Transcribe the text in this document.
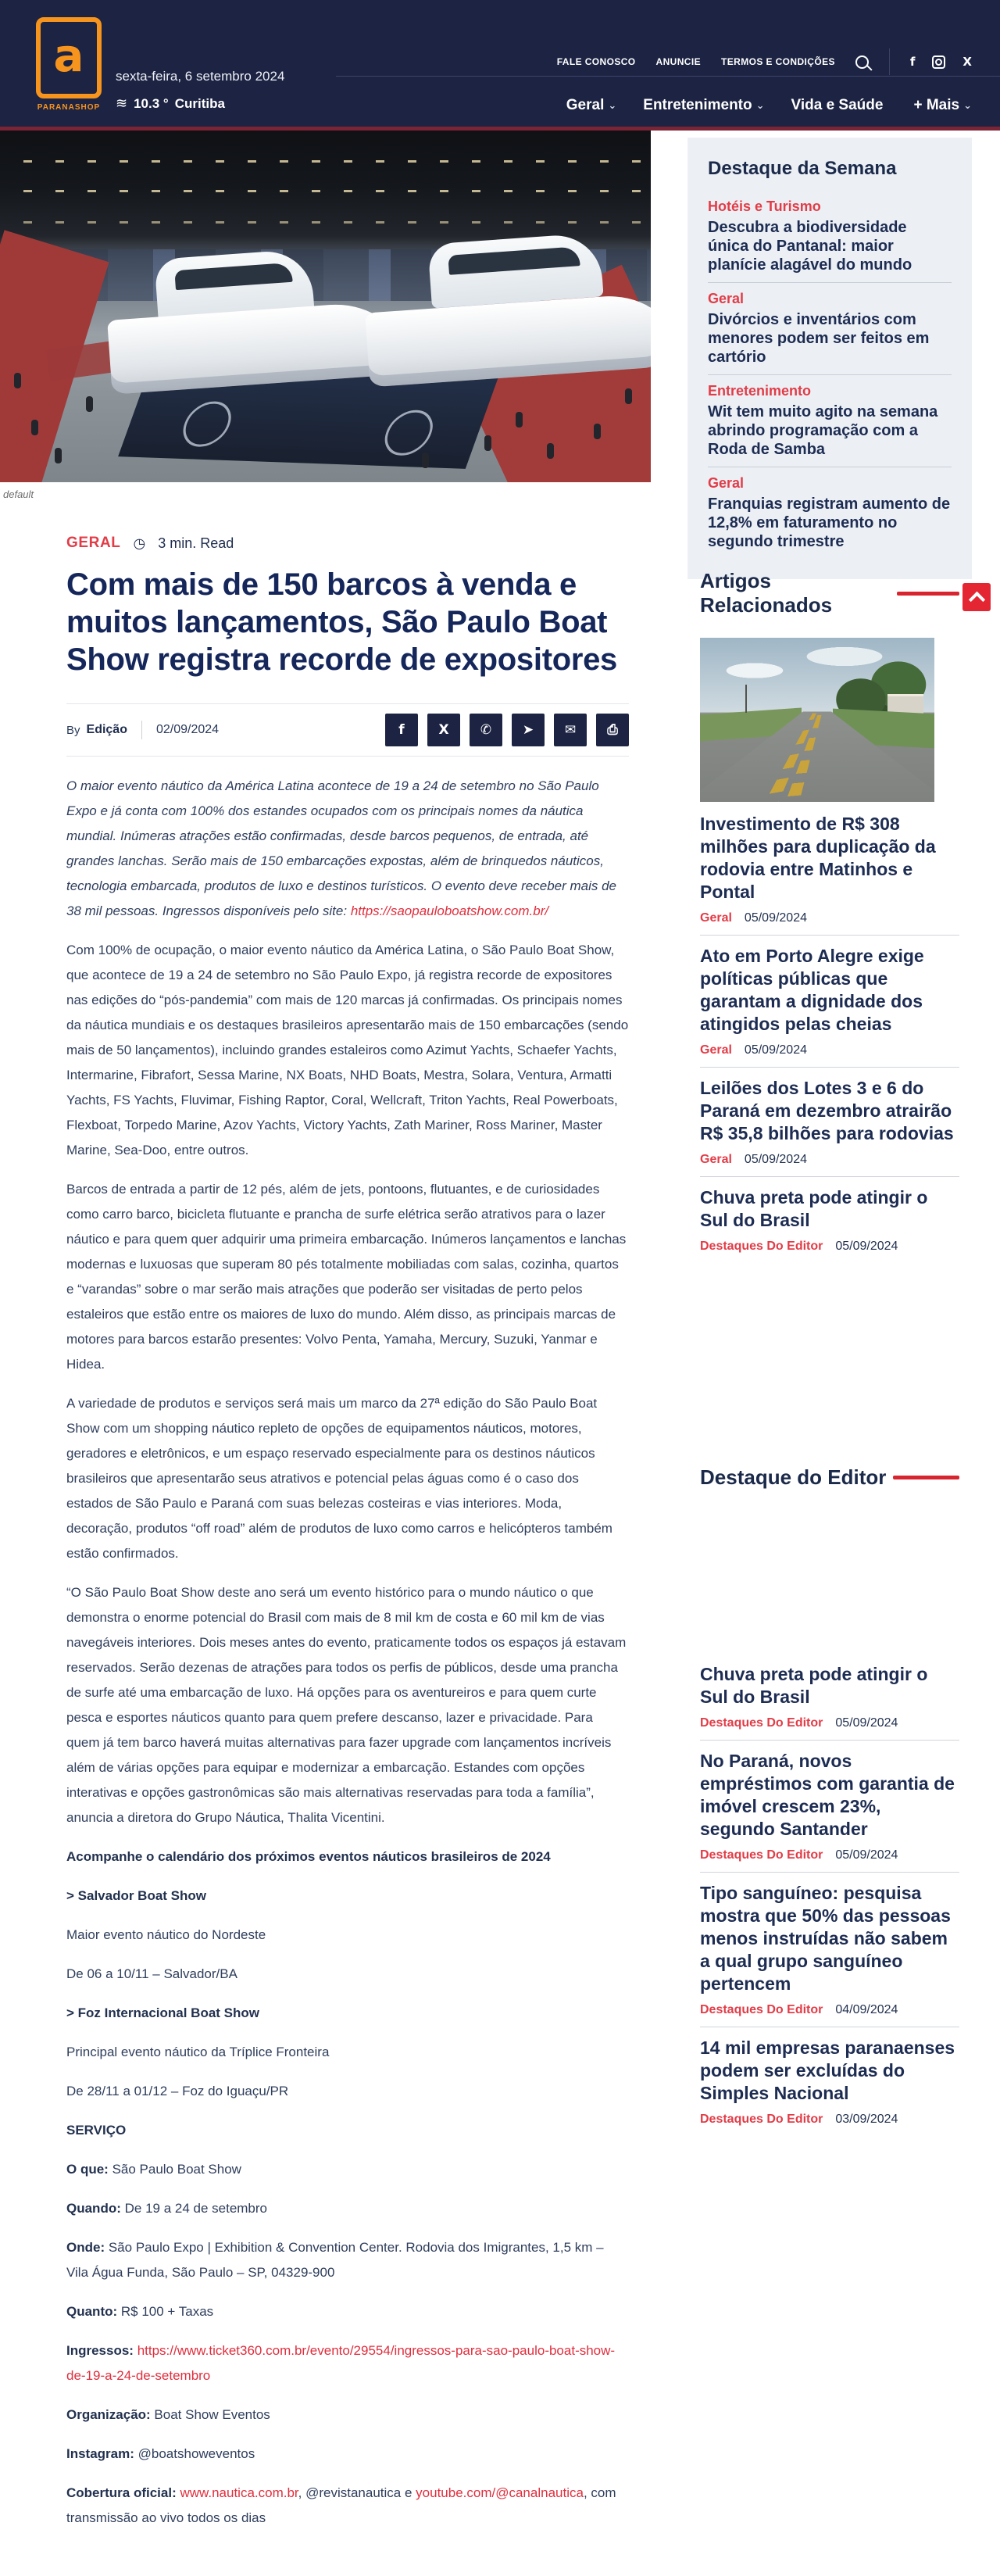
a
PARANASHOP
sexta-feira, 6 setembro 2024
≋ 10.3 ° Curitiba
FALE CONOSCO ANUNCIE TERMOS E CONDIÇÕES	f	X
Geral ⌄ Entretenimento ⌄ Vida e Saúde + Mais ⌄
default
GERAL ◷ 3 min. Read
Com mais de 150 barcos à venda e muitos lançamentos, São Paulo Boat Show registra recorde de expositores
By Edição 02/09/2024	f	X ✆ ➤ ✉ ⎙

O maior evento náutico da América Latina acontece de 19 a 24 de setembro no São Paulo Expo e já conta com 100% dos estandes ocupados com os principais nomes da náutica mundial. Inúmeras atrações estão confirmadas, desde barcos pequenos, de entrada, até grandes lanchas. Serão mais de 150 embarcações expostas, além de brinquedos náuticos, tecnologia embarcada, produtos de luxo e destinos turísticos. O evento deve receber mais de 38 mil pessoas. Ingressos disponíveis pelo site: https://saopauloboatshow.com.br/

Com 100% de ocupação, o maior evento náutico da América Latina, o São Paulo Boat Show, que acontece de 19 a 24 de setembro no São Paulo Expo, já registra recorde de expositores nas edições do “pós-pandemia” com mais de 120 marcas já confirmadas. Os principais nomes da náutica mundiais e os destaques brasileiros apresentarão mais de 150 embarcações (sendo mais de 50 lançamentos), incluindo grandes estaleiros como Azimut Yachts, Schaefer Yachts, Intermarine, Fibrafort, Sessa Marine, NX Boats, NHD Boats, Mestra, Solara, Ventura, Armatti Yachts, FS Yachts, Fluvimar, Fishing Raptor, Coral, Wellcraft, Triton Yachts, Real Powerboats, Flexboat, Torpedo Marine, Azov Yachts, Victory Yachts, Zath Mariner, Ross Mariner, Master Marine, Sea-Doo, entre outros.

Barcos de entrada a partir de 12 pés, além de jets, pontoons, flutuantes, e de curiosidades como carro barco, bicicleta flutuante e prancha de surfe elétrica serão atrativos para o lazer náutico e para quem quer adquirir uma primeira embarcação. Inúmeros lançamentos e lanchas modernas e luxuosas que superam 80 pés totalmente mobiliadas com salas, cozinha, quartos e “varandas” sobre o mar serão mais atrações que poderão ser visitadas de perto pelos estaleiros que estão entre os maiores de luxo do mundo. Além disso, as principais marcas de motores para barcos estarão presentes: Volvo Penta, Yamaha, Mercury, Suzuki, Yanmar e Hidea.

A variedade de produtos e serviços será mais um marco da 27ª edição do São Paulo Boat Show com um shopping náutico repleto de opções de equipamentos náuticos, motores, geradores e eletrônicos, e um espaço reservado especialmente para os destinos náuticos brasileiros que apresentarão seus atrativos e potencial pelas águas como é o caso dos estados de São Paulo e Paraná com suas belezas costeiras e vias interiores. Moda, decoração, produtos “off road” além de produtos de luxo como carros e helicópteros também estão confirmados.

“O São Paulo Boat Show deste ano será um evento histórico para o mundo náutico o que demonstra o enorme potencial do Brasil com mais de 8 mil km de costa e 60 mil km de vias navegáveis interiores. Dois meses antes do evento, praticamente todos os espaços já estavam reservados. Serão dezenas de atrações para todos os perfis de públicos, desde uma prancha de surfe até uma embarcação de luxo. Há opções para os aventureiros e para quem curte pesca e esportes náuticos quanto para quem prefere descanso, lazer e privacidade. Para quem já tem barco haverá muitas alternativas para fazer upgrade com lançamentos incríveis além de várias opções para equipar e modernizar a embarcação. Estandes com opções interativas e opções gastronômicas são mais alternativas reservadas para toda a família”, anuncia a diretora do Grupo Náutica, Thalita Vicentini.

Acompanhe o calendário dos próximos eventos náuticos brasileiros de 2024

> Salvador Boat Show

Maior evento náutico do Nordeste

De 06 a 10/11 – Salvador/BA

> Foz Internacional Boat Show

Principal evento náutico da Tríplice Fronteira

De 28/11 a 01/12 – Foz do Iguaçu/PR

SERVIÇO

O que: São Paulo Boat Show

Quando: De 19 a 24 de setembro

Onde: São Paulo Expo | Exhibition & Convention Center. Rodovia dos Imigrantes, 1,5 km – Vila Água Funda, São Paulo – SP, 04329-900

Quanto: R$ 100 + Taxas

Ingressos: https://www.ticket360.com.br/evento/29554/ingressos-para-sao-paulo-boat-show-de-19-a-24-de-setembro

Organização: Boat Show Eventos

Instagram: @boatshoweventos

Cobertura oficial: www.nautica.com.br, @revistanautica e youtube.com/@canalnautica, com transmissão ao vivo todos os dias

Destaque da Semana
Hotéis e Turismo
Descubra a biodiversidade única do Pantanal: maior planície alagável do mundo
Geral
Divórcios e inventários com menores podem ser feitos em cartório
Entretenimento
Wit tem muito agito na semana abrindo programação com a Roda de Samba
Geral
Franquias registram aumento de 12,8% em faturamento no segundo trimestre
Artigos Relacionados
Investimento de R$ 308 milhões para duplicação da rodovia entre Matinhos e Pontal
Geral 05/09/2024
Ato em Porto Alegre exige políticas públicas que garantam a dignidade dos atingidos pelas cheias
Geral 05/09/2024
Leilões dos Lotes 3 e 6 do Paraná em dezembro atrairão R$ 35,8 bilhões para rodovias
Geral 05/09/2024
Chuva preta pode atingir o Sul do Brasil
Destaques Do Editor 05/09/2024
Destaque do Editor
Chuva preta pode atingir o Sul do Brasil
Destaques Do Editor 05/09/2024
No Paraná, novos empréstimos com garantia de imóvel crescem 23%, segundo Santander
Destaques Do Editor 05/09/2024
Tipo sanguíneo: pesquisa mostra que 50% das pessoas menos instruídas não sabem a qual grupo sanguíneo pertencem
Destaques Do Editor 04/09/2024
14 mil empresas paranaenses podem ser excluídas do Simples Nacional
Destaques Do Editor 03/09/2024
